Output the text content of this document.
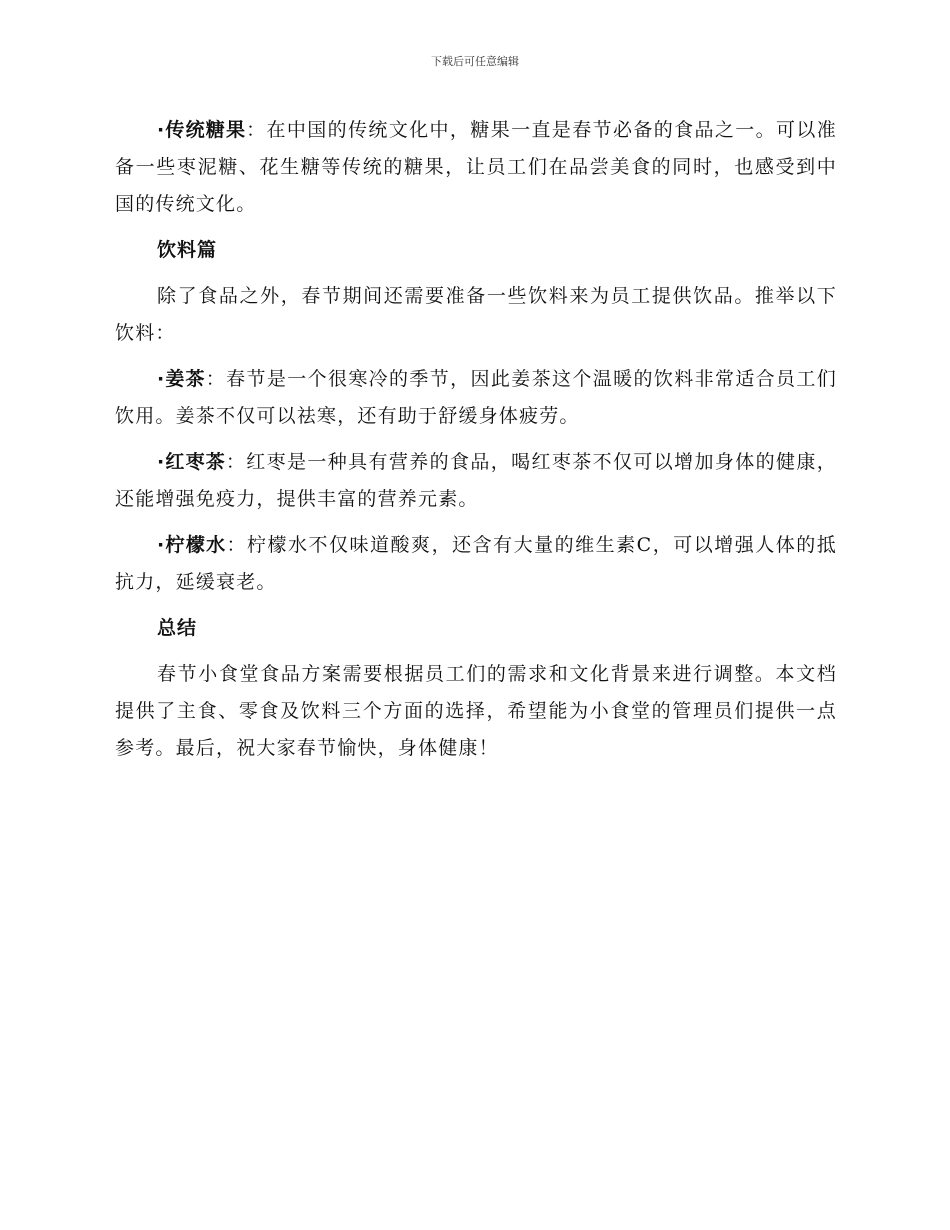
下载后可任意编辑

·传统糖果：在中国的传统文化中，糖果一直是春节必备的食品之一。可以准备一些枣泥糖、花生糖等传统的糖果，让员工们在品尝美食的同时，也感受到中国的传统文化。

饮料篇

除了食品之外，春节期间还需要准备一些饮料来为员工提供饮品。推举以下饮料：

·姜茶：春节是一个很寒冷的季节，因此姜茶这个温暖的饮料非常适合员工们饮用。姜茶不仅可以祛寒，还有助于舒缓身体疲劳。

·红枣茶：红枣是一种具有营养的食品，喝红枣茶不仅可以增加身体的健康，还能增强免疫力，提供丰富的营养元素。

·柠檬水：柠檬水不仅味道酸爽，还含有大量的维生素C，可以增强人体的抵抗力，延缓衰老。

总结

春节小食堂食品方案需要根据员工们的需求和文化背景来进行调整。本文档提供了主食、零食及饮料三个方面的选择，希望能为小食堂的管理员们提供一点参考。最后，祝大家春节愉快，身体健康！
